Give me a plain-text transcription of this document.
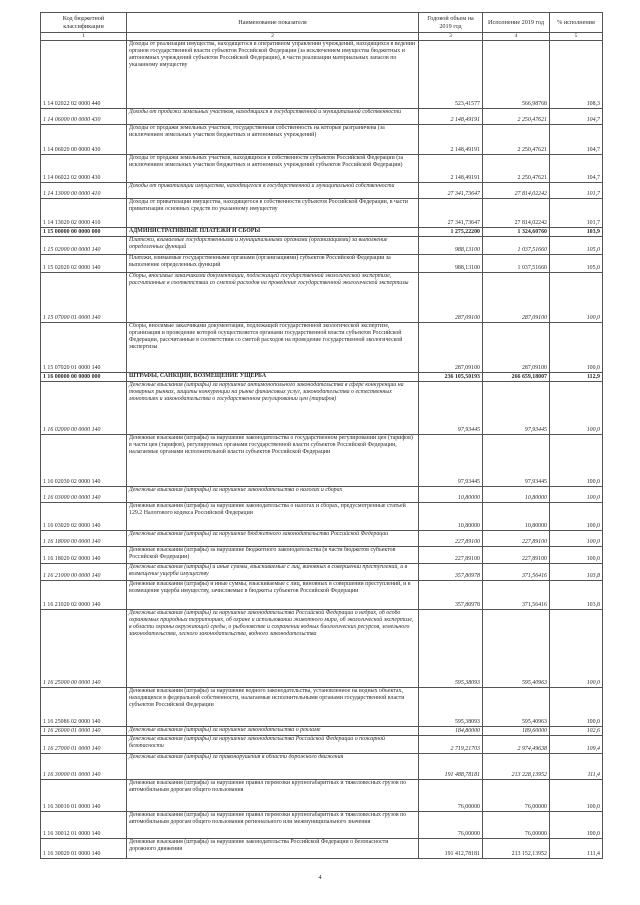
Код бюджетной классификации	Наименование показателя	Годовой объем на 2019 год	Исполнение 2019 год	% исполнения
1	2	3	4	5
1 14 02022 02 0000 440	Доходы от реализации имущества, находящегося в оперативном управлении учреждений, находящихся в ведении органов государственной власти субъектов Российской Федерации (за исключением имущества бюджетных и автономных учреждений субъектов Российской Федерации), в части реализации материальных запасов по указанному имуществу	523,41577	566,98768	108,3
1 14 06000 00 0000 430	Доходы от продажи земельных участков, находящихся в государственной и муниципальной собственности	2 148,49191	2 250,47621	104,7
1 14 06020 00 0000 430	Доходы от продажи земельных участков, государственная собственность на которые разграничена (за исключением земельных участков бюджетных и автономных учреждений)	2 148,49191	2 250,47621	104,7
1 14 06022 02 0000 430	Доходы от продажи земельных участков, находящихся в собственности субъектов Российской Федерации (за исключением земельных участков бюджетных и автономных учреждений субъектов Российской Федерации)	2 148,49191	2 250,47621	104,7
1 14 13000 00 0000 410	Доходы от приватизации имущества, находящегося в государственной и муниципальной собственности	27 341,73647	27 814,02242	101,7
1 14 13020 02 0000 410	Доходы от приватизации имущества, находящегося в собственности субъектов Российской Федерации, в части приватизации основных средств по указанному имуществу	27 341,73647	27 814,02242	101,7
1 15 00000 00 0000 000	АДМИНИСТРАТИВНЫЕ ПЛАТЕЖИ И СБОРЫ	1 275,22200	1 324,60760	103,9
1 15 02000 00 0000 140	Платежи, взимаемые государственными и муниципальными органами (организациями) за выполнение определенных функций	988,13100	1 037,51660	105,0
1 15 02020 02 0000 140	Платежи, взимаемые государственными органами (организациями) субъектов Российской Федерации за выполнение определенных функций	988,13100	1 037,51660	105,0
1 15 07000 01 0000 140	Сборы, вносимые заказчиками документации, подлежащей государственной экологической экспертизе, рассчитанные в соответствии со сметой расходов на проведение государственной экологической экспертизы	287,09100	287,09100	100,0
1 15 07020 01 0000 140	Сборы, вносимые заказчиками документации, подлежащей государственной экологической экспертизе, организация и проведение которой осуществляется органами государственной власти субъектов Российской Федерации, рассчитанные в соответствии со сметой расходов на проведение государственной экологической экспертизы	287,09100	287,09100	100,0
1 16 00000 00 0000 000	ШТРАФЫ, САНКЦИИ, ВОЗМЕЩЕНИЕ УЩЕРБА	236 105,50193	266 659,18007	112,9
1 16 02000 00 0000 140	Денежные взыскания (штрафы) за нарушение антимонопольного законодательства в сфере конкуренции на товарных рынках, защиты конкуренции на рынке финансовых услуг, законодательства о естественных монополиях и законодательства о государственном регулировании цен (тарифов)	97,93445	97,93445	100,0
1 16 02030 02 0000 140	Денежные взыскания (штрафы) за нарушение законодательства о государственном регулировании цен (тарифов) в части цен (тарифов), регулируемых органами государственной власти субъектов Российской Федерации, налагаемые органами исполнительной власти субъектов Российской Федерации	97,93445	97,93445	100,0
1 16 03000 00 0000 140	Денежные взыскания (штрафы) за нарушение законодательства о налогах и сборах	10,80000	10,80000	100,0
1 16 03020 02 0000 140	Денежные взыскания (штрафы) за нарушение законодательства о налогах и сборах, предусмотренные статьей 129.2 Налогового кодекса Российской Федерации	10,80000	10,80000	100,0
1 16 18000 00 0000 140	Денежные взыскания (штрафы) за нарушение бюджетного законодательства Российской Федерации	227,89100	227,89100	100,0
1 16 18020 02 0000 140	Денежные взыскания (штрафы) за нарушение бюджетного законодательства (в части бюджетов субъектов Российской Федерации)	227,89100	227,89100	100,0
1 16 21000 00 0000 140	Денежные взыскания (штрафы) и иные суммы, взыскиваемые с лиц, виновных в совершении преступлений, и в возмещение ущерба имуществу	357,80978	371,56416	103,8
1 16 21020 02 0000 140	Денежные взыскания (штрафы) и иные суммы, взыскиваемые с лиц, виновных в совершении преступлений, и в возмещение ущерба имуществу, зачисляемые в бюджеты субъектов Российской Федерации	357,80978	371,56416	103,8
1 16 25000 00 0000 140	Денежные взыскания (штрафы) за нарушение законодательства Российской Федерации о недрах, об особо охраняемых природных территориях, об охране и использовании животного мира, об экологической экспертизе, в области охраны окружающей среды, о рыболовстве и сохранении водных биологических ресурсов, земельного законодательства, лесного законодательства, водного законодательства	595,38093	595,40963	100,0
1 16 25086 02 0000 140	Денежные взыскания (штрафы) за нарушение водного законодательства, установленное на водных объектах, находящихся в федеральной собственности, налагаемые исполнительными органами государственной власти субъектов Российской Федерации	595,38093	595,40963	100,0
1 16 26000 01 0000 140	Денежные взыскания (штрафы) за нарушение законодательства о рекламе	184,80000	189,60000	102,6
1 16 27000 01 0000 140	Денежные взыскания (штрафы) за нарушение законодательства Российской Федерации о пожарной безопасности	2 719,21703	2 974,49638	109,4
1 16 30000 01 0000 140	Денежные взыскания (штрафы) за правонарушения в области дорожного движения	191 488,78181	213 228,13952	111,4
1 16 30010 01 0000 140	Денежные взыскания (штрафы) за нарушение правил перевозки крупногабаритных и тяжеловесных грузов по автомобильным дорогам общего пользования	76,00000	76,00000	100,0
1 16 30012 01 0000 140	Денежные взыскания (штрафы) за нарушение правил перевозки крупногабаритных и тяжеловесных грузов по автомобильным дорогам общего пользования регионального или межмуниципального значения	76,00000	76,00000	100,0
1 16 30020 01 0000 140	Денежные взыскания (штрафы) за нарушение законодательства Российской Федерации о безопасности дорожного движения	191 412,78181	213 152,13952	111,4
4
